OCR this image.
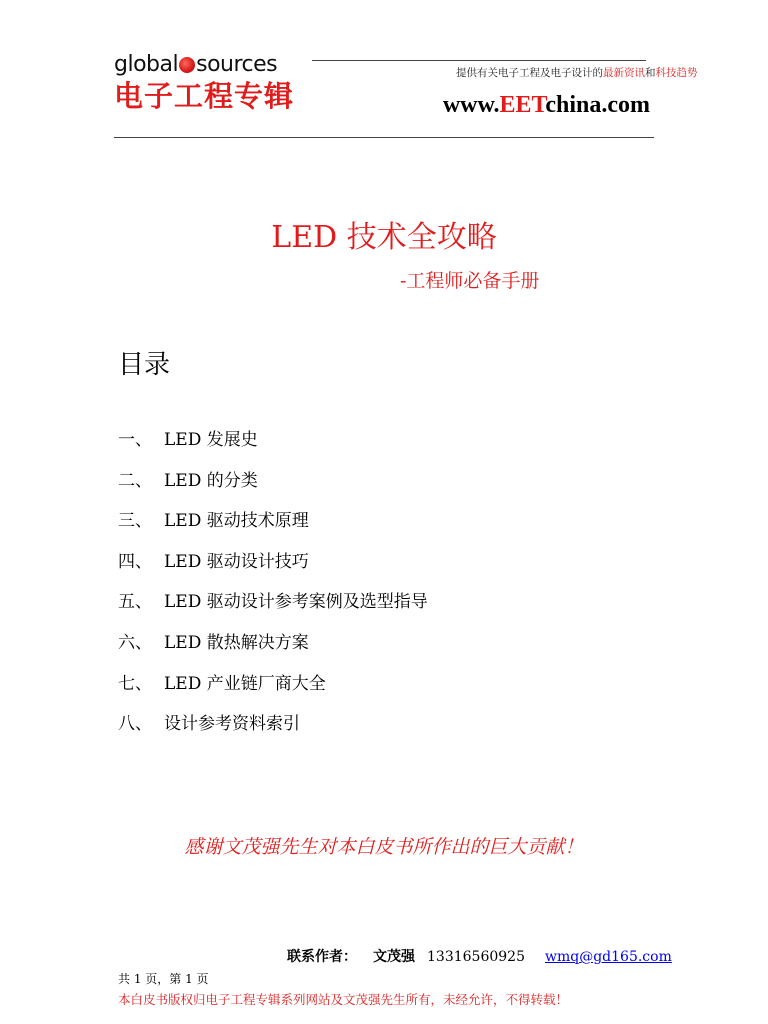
global sources
电子工程专辑
提供有关电子工程及电子设计的最新资讯和科技趋势
www.EETchina.com
LED 技术全攻略
-工程师必备手册
目录
一、 LED 发展史
二、 LED 的分类
三、 LED 驱动技术原理
四、 LED 驱动设计技巧
五、 LED 驱动设计参考案例及选型指导
六、 LED 散热解决方案
七、 LED 产业链厂商大全
八、 设计参考资料索引
感谢文茂强先生对本白皮书所作出的巨大贡献！
联系作者： 文茂强 13316560925 wmq@gd165.com
共 1 页，第 1 页
本白皮书版权归电子工程专辑系列网站及文茂强先生所有，未经允许，不得转载！
